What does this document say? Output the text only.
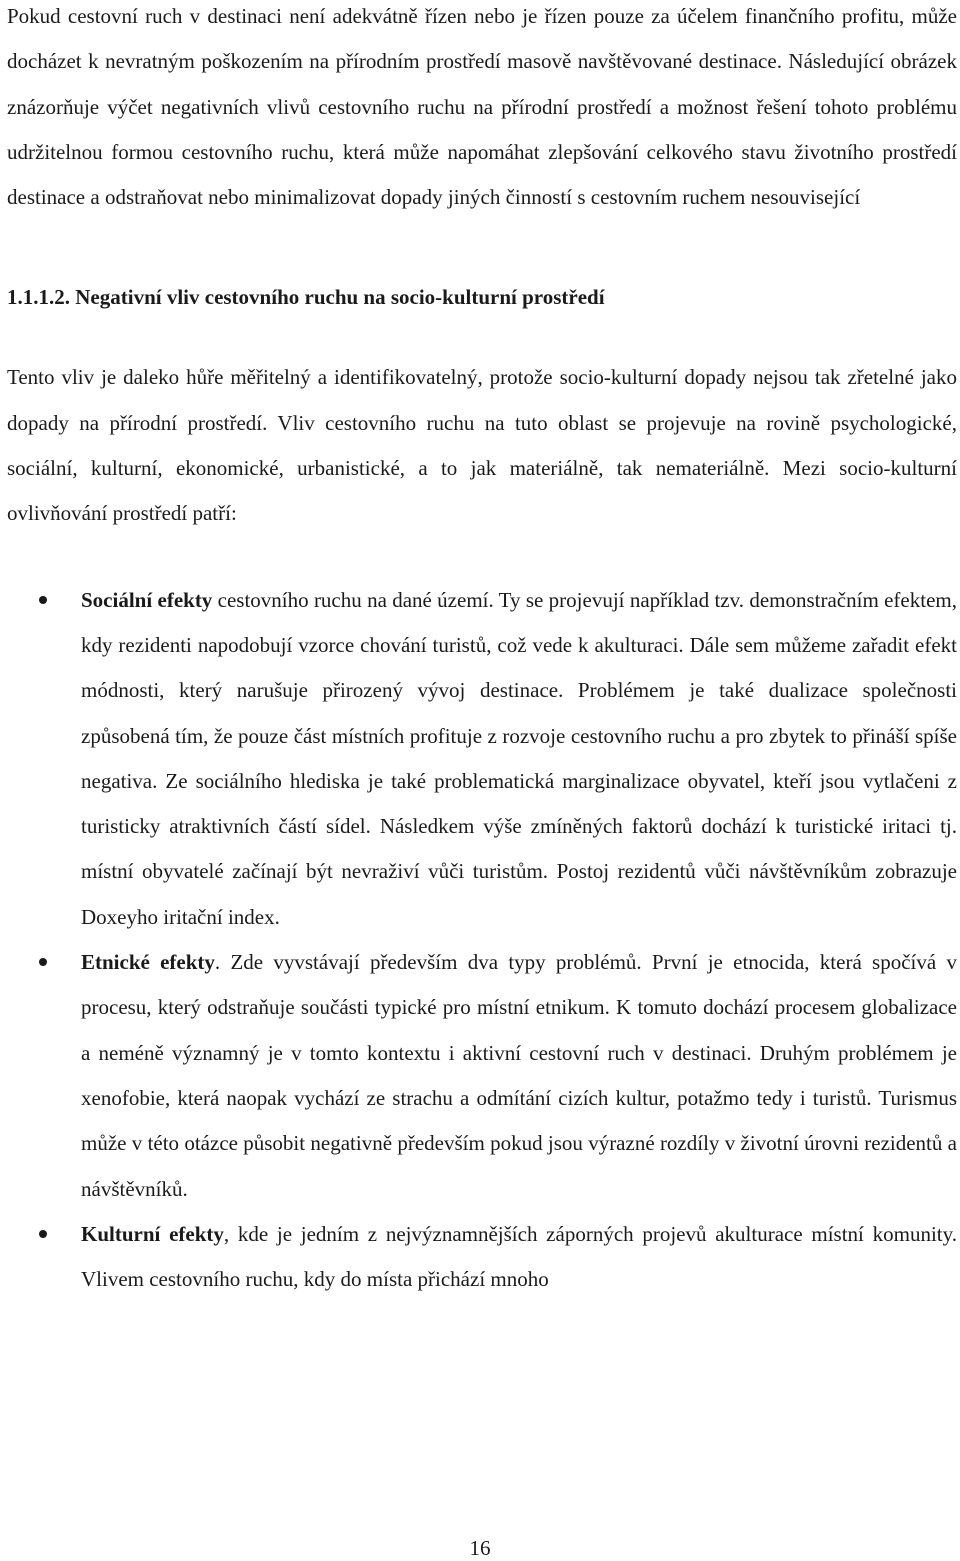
Pokud cestovní ruch v destinaci není adekvátně řízen nebo je řízen pouze za účelem finančního profitu, může docházet k nevratným poškozením na přírodním prostředí masově navštěvované destinace. Následující obrázek znázorňuje výčet negativních vlivů cestovního ruchu na přírodní prostředí a možnost řešení tohoto problému udržitelnou formou cestovního ruchu, která může napomáhat zlepšování celkového stavu životního prostředí destinace a odstraňovat nebo minimalizovat dopady jiných činností s cestovním ruchem nesouvisející

1.1.1.2. Negativní vliv cestovního ruchu na socio-kulturní prostředí

Tento vliv je daleko hůře měřitelný a identifikovatelný, protože socio-kulturní dopady nejsou tak zřetelné jako dopady na přírodní prostředí. Vliv cestovního ruchu na tuto oblast se projevuje na rovině psychologické, sociální, kulturní, ekonomické, urbanistické, a to jak materiálně, tak nemateriálně. Mezi socio-kulturní ovlivňování prostředí patří:

Sociální efekty cestovního ruchu na dané území. Ty se projevují například tzv. demonstračním efektem, kdy rezidenti napodobují vzorce chování turistů, což vede k akulturaci. Dále sem můžeme zařadit efekt módnosti, který narušuje přirozený vývoj destinace. Problémem je také dualizace společnosti způsobená tím, že pouze část místních profituje z rozvoje cestovního ruchu a pro zbytek to přináší spíše negativa. Ze sociálního hlediska je také problematická marginalizace obyvatel, kteří jsou vytlačeni z turisticky atraktivních částí sídel. Následkem výše zmíněných faktorů dochází k turistické iritaci tj. místní obyvatelé začínají být nevraživí vůči turistům. Postoj rezidentů vůči návštěvníkům zobrazuje Doxeyho iritační index.
Etnické efekty. Zde vyvstávají především dva typy problémů. První je etnocida, která spočívá v procesu, který odstraňuje součásti typické pro místní etnikum. K tomuto dochází procesem globalizace a neméně významný je v tomto kontextu i aktivní cestovní ruch v destinaci. Druhým problémem je xenofobie, která naopak vychází ze strachu a odmítání cizích kultur, potažmo tedy i turistů. Turismus může v této otázce působit negativně především pokud jsou výrazné rozdíly v životní úrovni rezidentů a návštěvníků.
Kulturní efekty, kde je jedním z nejvýznamnějších záporných projevů akulturace místní komunity. Vlivem cestovního ruchu, kdy do místa přichází mnoho
16
